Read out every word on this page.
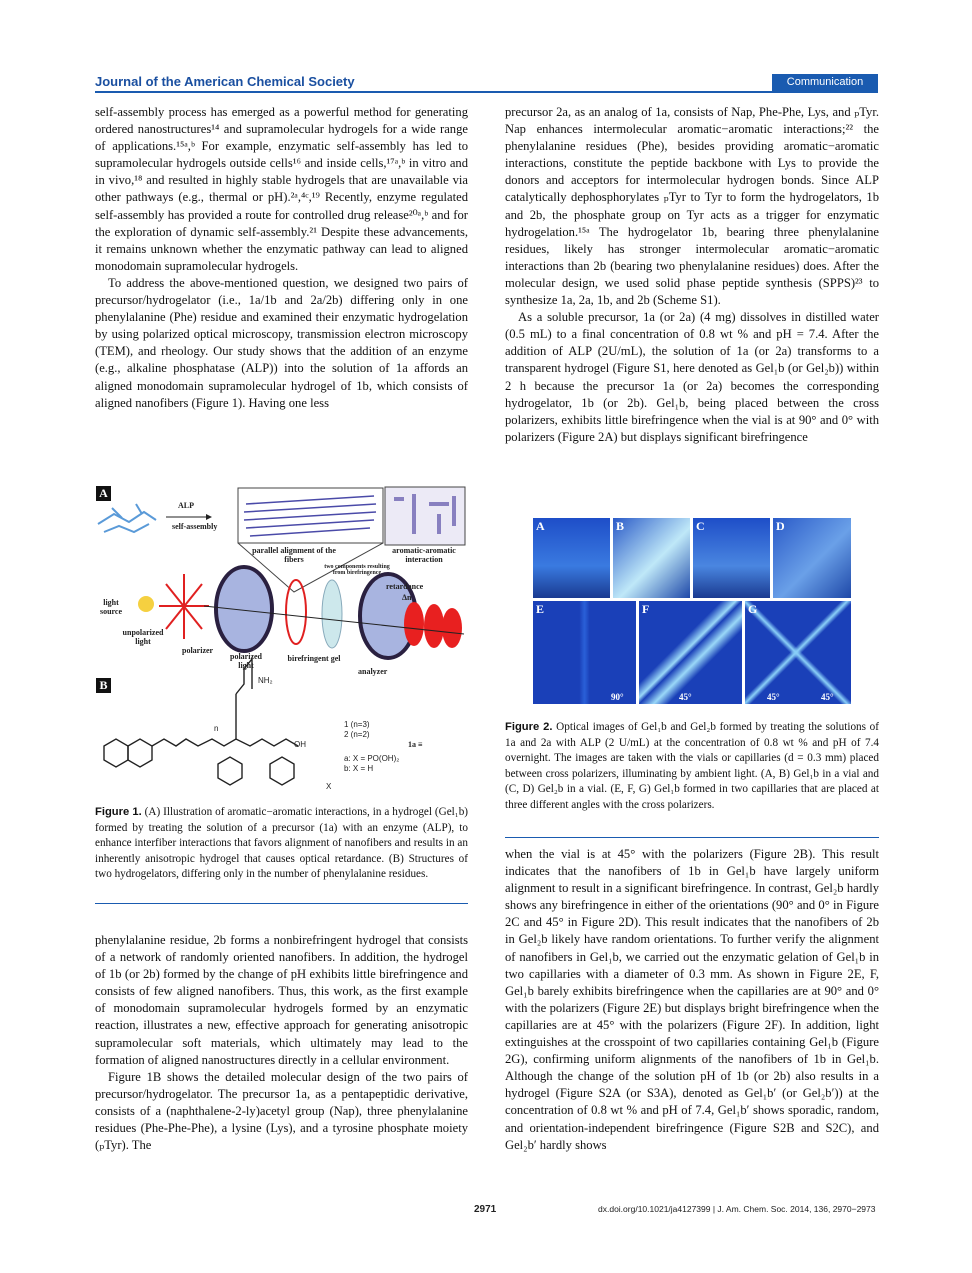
Journal of the American Chemical Society	Communication

self-assembly process has emerged as a powerful method for generating ordered nanostructures¹⁴ and supramolecular hydrogels for a wide range of applications.¹⁵ᵃ,ᵇ For example, enzymatic self-assembly has led to supramolecular hydrogels outside cells¹⁶ and inside cells,¹⁷ᵃ,ᵇ in vitro and in vivo,¹⁸ and resulted in highly stable hydrogels that are unavailable via other pathways (e.g., thermal or pH).²ᵃ,⁴ᶜ,¹⁹ Recently, enzyme regulated self-assembly has provided a route for controlled drug release²⁰ᵃ,ᵇ and for the exploration of dynamic self-assembly.²¹ Despite these advancements, it remains unknown whether the enzymatic pathway can lead to aligned monodomain supramolecular hydrogels.

To address the above-mentioned question, we designed two pairs of precursor/hydrogelator (i.e., 1a/1b and 2a/2b) differing only in one phenylalanine (Phe) residue and examined their enzymatic hydrogelation by using polarized optical microscopy, transmission electron microscopy (TEM), and rheology. Our study shows that the addition of an enzyme (e.g., alkaline phosphatase (ALP)) into the solution of 1a affords an aligned monodomain supramolecular hydrogel of 1b, which consists of aligned nanofibers (Figure 1). Having one less

A
B
ALP
self-assembly
parallel alignment of the fibers
aromatic-aromatic interaction
two components resulting from birefringence
retardance
Δn
light source
unpolarized light
polarizer
polarized light
birefringent gel
analyzer
NH₂
OH
n
X
1 (n=3)
2 (n=2)
a: X = PO(OH)₂
b: X = H
1a ≡
Figure 1. (A) Illustration of aromatic−aromatic interactions, in a hydrogel (Gel₁b) formed by treating the solution of a precursor (1a) with an enzyme (ALP), to enhance interfiber interactions that favors alignment of nanofibers and results in an inherently anisotropic hydrogel that causes optical retardance. (B) Structures of two hydrogelators, differing only in the number of phenylalanine residues.

phenylalanine residue, 2b forms a nonbirefringent hydrogel that consists of a network of randomly oriented nanofibers. In addition, the hydrogel of 1b (or 2b) formed by the change of pH exhibits little birefringence and consists of few aligned nanofibers. Thus, this work, as the first example of monodomain supramolecular hydrogels formed by an enzymatic reaction, illustrates a new, effective approach for generating anisotropic supramolecular soft materials, which ultimately may lead to the formation of aligned nanostructures directly in a cellular environment.

Figure 1B shows the detailed molecular design of the two pairs of precursor/hydrogelator. The precursor 1a, as a pentapeptidic derivative, consists of a (naphthalene-2-ly)acetyl group (Nap), three phenylalanine residues (Phe-Phe-Phe), a lysine (Lys), and a tyrosine phosphate moiety (ₚTyr). The

precursor 2a, as an analog of 1a, consists of Nap, Phe-Phe, Lys, and ₚTyr. Nap enhances intermolecular aromatic−aromatic interactions;²² the phenylalanine residues (Phe), besides providing aromatic−aromatic interactions, constitute the peptide backbone with Lys to provide the donors and acceptors for intermolecular hydrogen bonds. Since ALP catalytically dephosphorylates ₚTyr to Tyr to form the hydrogelators, 1b and 2b, the phosphate group on Tyr acts as a trigger for enzymatic hydrogelation.¹⁵ᵃ The hydrogelator 1b, bearing three phenylalanine residues, likely has stronger intermolecular aromatic−aromatic interactions than 2b (bearing two phenylalanine residues) does. After the molecular design, we used solid phase peptide synthesis (SPPS)²³ to synthesize 1a, 2a, 1b, and 2b (Scheme S1).

As a soluble precursor, 1a (or 2a) (4 mg) dissolves in distilled water (0.5 mL) to a final concentration of 0.8 wt % and pH = 7.4. After the addition of ALP (2U/mL), the solution of 1a (or 2a) transforms to a transparent hydrogel (Figure S1, here denoted as Gel₁b (or Gel₂b)) within 2 h because the precursor 1a (or 2a) becomes the corresponding hydrogelator, 1b (or 2b). Gel₁b, being placed between the cross polarizers, exhibits little birefringence when the vial is at 90° and 0° with polarizers (Figure 2A) but displays significant birefringence

A	B	C	D
E
90°
F
45°
G
45°	45°
Figure 2. Optical images of Gel₁b and Gel₂b formed by treating the solutions of 1a and 2a with ALP (2 U/mL) at the concentration of 0.8 wt % and pH of 7.4 overnight. The images are taken with the vials or capillaries (d = 0.3 mm) placed between cross polarizers, illuminating by ambient light. (A, B) Gel₁b in a vial and (C, D) Gel₂b in a vial. (E, F, G) Gel₁b formed in two capillaries that are placed at three different angles with the cross polarizers.

when the vial is at 45° with the polarizers (Figure 2B). This result indicates that the nanofibers of 1b in Gel₁b have largely uniform alignment to result in a significant birefringence. In contrast, Gel₂b hardly shows any birefringence in either of the orientations (90° and 0° in Figure 2C and 45° in Figure 2D). This result indicates that the nanofibers of 2b in Gel₂b likely have random orientations. To further verify the alignment of nanofibers in Gel₁b, we carried out the enzymatic gelation of Gel₁b in two capillaries with a diameter of 0.3 mm. As shown in Figure 2E, F, Gel₁b barely exhibits birefringence when the capillaries are at 90° and 0° with the polarizers (Figure 2E) but displays bright birefringence when the capillaries are at 45° with the polarizers (Figure 2F). In addition, light extinguishes at the crosspoint of two capillaries containing Gel₁b (Figure 2G), confirming uniform alignments of the nanofibers of 1b in Gel₁b. Although the change of the solution pH of 1b (or 2b) also results in a hydrogel (Figure S2A (or S3A), denoted as Gel₁b′ (or Gel₂b′)) at the concentration of 0.8 wt % and pH of 7.4, Gel₁b′ shows sporadic, random, and orientation-independent birefringence (Figure S2B and S2C), and Gel₂b′ hardly shows

2971	dx.doi.org/10.1021/ja4127399 | J. Am. Chem. Soc. 2014, 136, 2970−2973
